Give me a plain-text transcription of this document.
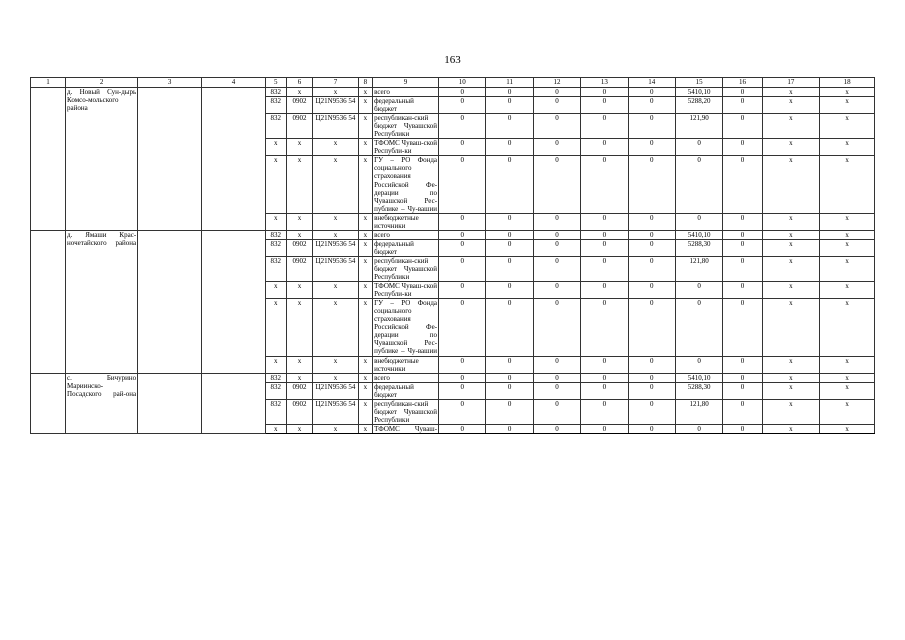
163
1	2	3	4	5	6	7	8	9	10	11	12	13	14	15	16	17	18
	д. Новый Сун-дырь Комсо-мольского района			832	х	х	х	всего	0	0	0	0	0	5410,10	0	х	х
				832	0902	Ц21N9536 54	х	федеральный бюджет	0	0	0	0	0	5288,20	0	х	х
				832	0902	Ц21N9536 54	х	республикан-ский бюджет Чувашской Республики	0	0	0	0	0	121,90	0	х	х
				х	х	х	х	ТФОМС Чуваш-ской Республи-ки	0	0	0	0	0	0	0	х	х
				х	х	х	х	ГУ – РО Фонда социального страхования Российской Фе-дерации по Чувашской Рес-публике – Чу-вашии	0	0	0	0	0	0	0	х	х
				х	х	х	х	внебюджетные источники	0	0	0	0	0	0	0	х	х
	д. Ямаши Крас-ночетайского района			832	х	х	х	всего	0	0	0	0	0	5410,10	0	х	х
				832	0902	Ц21N9536 54	х	федеральный бюджет	0	0	0	0	0	5288,30	0	х	х
				832	0902	Ц21N9536 54	х	республикан-ский бюджет Чувашской Республики	0	0	0	0	0	121,80	0	х	х
				х	х	х	х	ТФОМС Чуваш-ской Республи-ки	0	0	0	0	0	0	0	х	х
				х	х	х	х	ГУ – РО Фонда социального страхования Российской Фе-дерации по Чувашской Рес-публике – Чу-вашии	0	0	0	0	0	0	0	х	х
				х	х	х	х	внебюджетные источники	0	0	0	0	0	0	0	х	х
	с. Бичурино Мариинско-Посадского рай-она			832	х	х	х	всего	0	0	0	0	0	5410,10	0	х	х
				832	0902	Ц21N9536 54	х	федеральный бюджет	0	0	0	0	0	5288,30	0	х	х
				832	0902	Ц21N9536 54	х	республикан-ский бюджет Чувашской Республики	0	0	0	0	0	121,80	0	х	х
				х	х	х	х	ТФОМС Чуваш-	0	0	0	0	0	0	0	х	х
